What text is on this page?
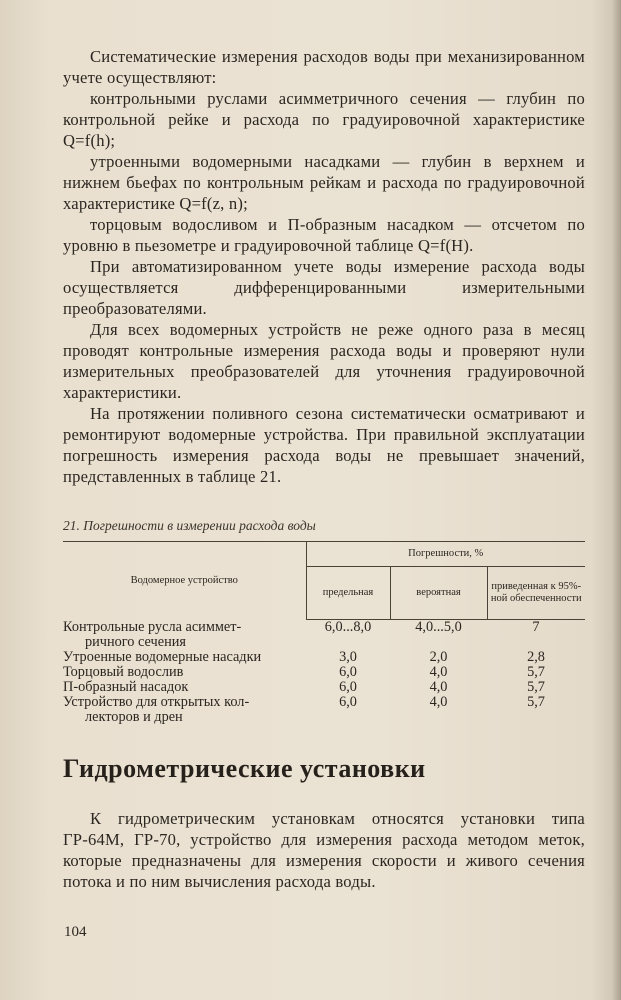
Систематические измерения расходов воды при механизированном учете осуществляют:

контрольными руслами асимметричного сечения — глубин по контрольной рейке и расхода по градуировочной характеристике Q=f(h);

утроенными водомерными насадками — глубин в верхнем и нижнем бьефах по контрольным рейкам и расхода по градуировочной характеристике Q=f(z, n);

торцовым водосливом и П-образным насадком — отсчетом по уровню в пьезометре и градуировочной таблице Q=f(H).

При автоматизированном учете воды измерение расхода воды осуществляется дифференцированными измерительными преобразователями.

Для всех водомерных устройств не реже одного раза в месяц проводят контрольные измерения расхода воды и проверяют нули измерительных преобразователей для уточнения градуировочной характеристики.

На протяжении поливного сезона систематически осматривают и ремонтируют водомерные устройства. При правильной эксплуатации погрешность измерения расхода воды не превышает значений, представленных в таблице 21.

21. Погрешности в измерении расхода воды
Водомерное устройство	Погрешности, %		
	предельная	вероятная	приведенная к 95%-ной обеспеченности
Контрольные русла асиммет-
ричного сечения	6,0...8,0	4,0...5,0	7
Утроенные водомерные насадки	3,0	2,0	2,8
Торцовый водослив	6,0	4,0	5,7
П-образный насадок	6,0	4,0	5,7
Устройство для открытых кол-
лекторов и дрен	6,0	4,0	5,7
Гидрометрические установки

К гидрометрическим установкам относятся установки типа ГР-64М, ГР-70, устройство для измерения расхода методом меток, которые предназначены для измерения скорости и живого сечения потока и по ним вычисления расхода воды.

104
